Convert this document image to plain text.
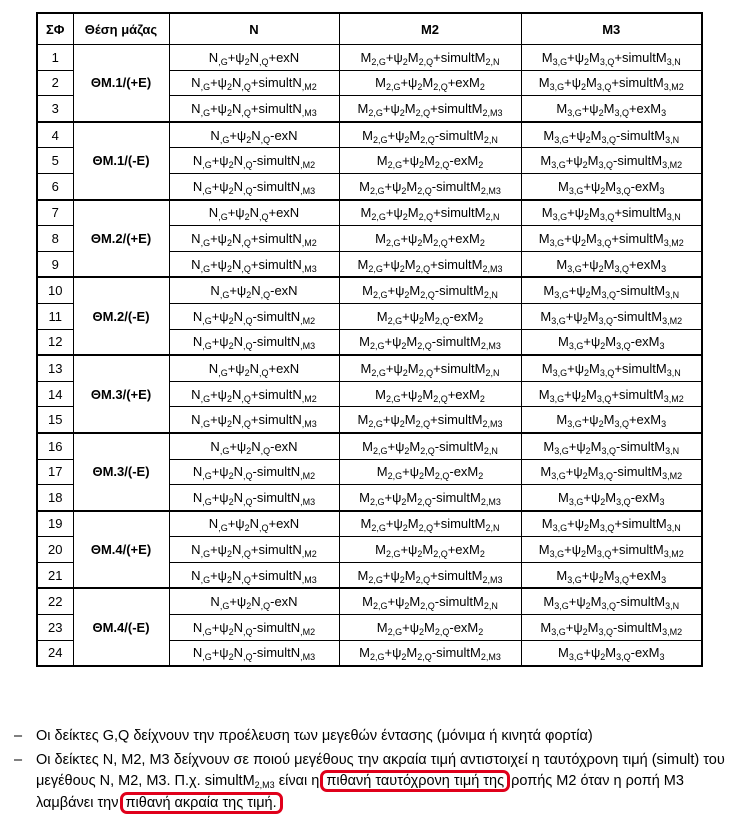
ΣΦ	Θέση μάζας	N	M2	M3
1	ΘΜ.1/(+Ε)	$N_{,G}+\psi_2N_{,Q}+exN$	$M_{2,G}+\psi_2M_{2,Q}+simultM_{2,N}$	$M_{3,G}+\psi_2M_{3,Q}+simultM_{3,N}$
2		$N_{,G}+\psi_2N_{,Q}+simultN_{,M2}$	$M_{2,G}+\psi_2M_{2,Q}+exM_2$	$M_{3,G}+\psi_2M_{3,Q}+simultM_{3,M2}$
3		$N_{,G}+\psi_2N_{,Q}+simultN_{,M3}$	$M_{2,G}+\psi_2M_{2,Q}+simultM_{2,M3}$	$M_{3,G}+\psi_2M_{3,Q}+exM_3$
4	ΘΜ.1/(-Ε)	$N_{,G}+\psi_2N_{,Q}$-exN	$M_{2,G}+\psi_2M_{2,Q}-simultM_{2,N}$	$M_{3,G}+\psi_2M_{3,Q}-simultM_{3,N}$
5		$N_{,G}+\psi_2N_{,Q}-simultN_{,M2}$	$M_{2,G}+\psi_2M_{2,Q}-exM_2$	$M_{3,G}+\psi_2M_{3,Q}-simultM_{3,M2}$
6		$N_{,G}+\psi_2N_{,Q}-simultN_{,M3}$	$M_{2,G}+\psi_2M_{2,Q}-simultM_{2,M3}$	$M_{3,G}+\psi_2M_{3,Q}-exM_3$
7	ΘΜ.2/(+Ε)	$N_{,G}+\psi_2N_{,Q}+exN$	$M_{2,G}+\psi_2M_{2,Q}+simultM_{2,N}$	$M_{3,G}+\psi_2M_{3,Q}+simultM_{3,N}$
8		$N_{,G}+\psi_2N_{,Q}+simultN_{,M2}$	$M_{2,G}+\psi_2M_{2,Q}+exM_2$	$M_{3,G}+\psi_2M_{3,Q}+simultM_{3,M2}$
9		$N_{,G}+\psi_2N_{,Q}+simultN_{,M3}$	$M_{2,G}+\psi_2M_{2,Q}+simultM_{2,M3}$	$M_{3,G}+\psi_2M_{3,Q}+exM_3$
10	ΘΜ.2/(-Ε)	$N_{,G}+\psi_2N_{,Q}$-exN	$M_{2,G}+\psi_2M_{2,Q}-simultM_{2,N}$	$M_{3,G}+\psi_2M_{3,Q}-simultM_{3,N}$
11		$N_{,G}+\psi_2N_{,Q}-simultN_{,M2}$	$M_{2,G}+\psi_2M_{2,Q}-exM_2$	$M_{3,G}+\psi_2M_{3,Q}-simultM_{3,M2}$
12		$N_{,G}+\psi_2N_{,Q}-simultN_{,M3}$	$M_{2,G}+\psi_2M_{2,Q}-simultM_{2,M3}$	$M_{3,G}+\psi_2M_{3,Q}-exM_3$
13	ΘΜ.3/(+Ε)	$N_{,G}+\psi_2N_{,Q}+exN$	$M_{2,G}+\psi_2M_{2,Q}+simultM_{2,N}$	$M_{3,G}+\psi_2M_{3,Q}+simultM_{3,N}$
14		$N_{,G}+\psi_2N_{,Q}+simultN_{,M2}$	$M_{2,G}+\psi_2M_{2,Q}+exM_2$	$M_{3,G}+\psi_2M_{3,Q}+simultM_{3,M2}$
15		$N_{,G}+\psi_2N_{,Q}+simultN_{,M3}$	$M_{2,G}+\psi_2M_{2,Q}+simultM_{2,M3}$	$M_{3,G}+\psi_2M_{3,Q}+exM_3$
16	ΘΜ.3/(-Ε)	$N_{,G}+\psi_2N_{,Q}$-exN	$M_{2,G}+\psi_2M_{2,Q}-simultM_{2,N}$	$M_{3,G}+\psi_2M_{3,Q}-simultM_{3,N}$
17		$N_{,G}+\psi_2N_{,Q}-simultN_{,M2}$	$M_{2,G}+\psi_2M_{2,Q}-exM_2$	$M_{3,G}+\psi_2M_{3,Q}-simultM_{3,M2}$
18		$N_{,G}+\psi_2N_{,Q}-simultN_{,M3}$	$M_{2,G}+\psi_2M_{2,Q}-simultM_{2,M3}$	$M_{3,G}+\psi_2M_{3,Q}-exM_3$
19	ΘΜ.4/(+Ε)	$N_{,G}+\psi_2N_{,Q}+exN$	$M_{2,G}+\psi_2M_{2,Q}+simultM_{2,N}$	$M_{3,G}+\psi_2M_{3,Q}+simultM_{3,N}$
20		$N_{,G}+\psi_2N_{,Q}+simultN_{,M2}$	$M_{2,G}+\psi_2M_{2,Q}+exM_2$	$M_{3,G}+\psi_2M_{3,Q}+simultM_{3,M2}$
21		$N_{,G}+\psi_2N_{,Q}+simultN_{,M3}$	$M_{2,G}+\psi_2M_{2,Q}+simultM_{2,M3}$	$M_{3,G}+\psi_2M_{3,Q}+exM_3$
22	ΘΜ.4/(-Ε)	$N_{,G}+\psi_2N_{,Q}$-exN	$M_{2,G}+\psi_2M_{2,Q}-simultM_{2,N}$	$M_{3,G}+\psi_2M_{3,Q}-simultM_{3,N}$
23		$N_{,G}+\psi_2N_{,Q}-simultN_{,M2}$	$M_{2,G}+\psi_2M_{2,Q}-exM_2$	$M_{3,G}+\psi_2M_{3,Q}-simultM_{3,M2}$
24		$N_{,G}+\psi_2N_{,Q}-simultN_{,M3}$	$M_{2,G}+\psi_2M_{2,Q}-simultM_{2,M3}$	$M_{3,G}+\psi_2M_{3,Q}-exM_3$
– Οι δείκτες G,Q δείχνουν την προέλευση των μεγεθών έντασης (μόνιμα ή κινητά φορτία)
– Οι δείκτες N, M2, M3 δείχνουν σε ποιού μεγέθους την ακραία τιμή αντιστοιχεί η ταυτόχρονη τιμή (simult) του μεγέθους N, M2, M3. Π.χ. simultM$_{2,M3}$ είναι η πιθανή ταυτόχρονη τιμή της ροπής M2 όταν η ροπή M3 λαμβάνει την πιθανή ακραία της τιμή.
